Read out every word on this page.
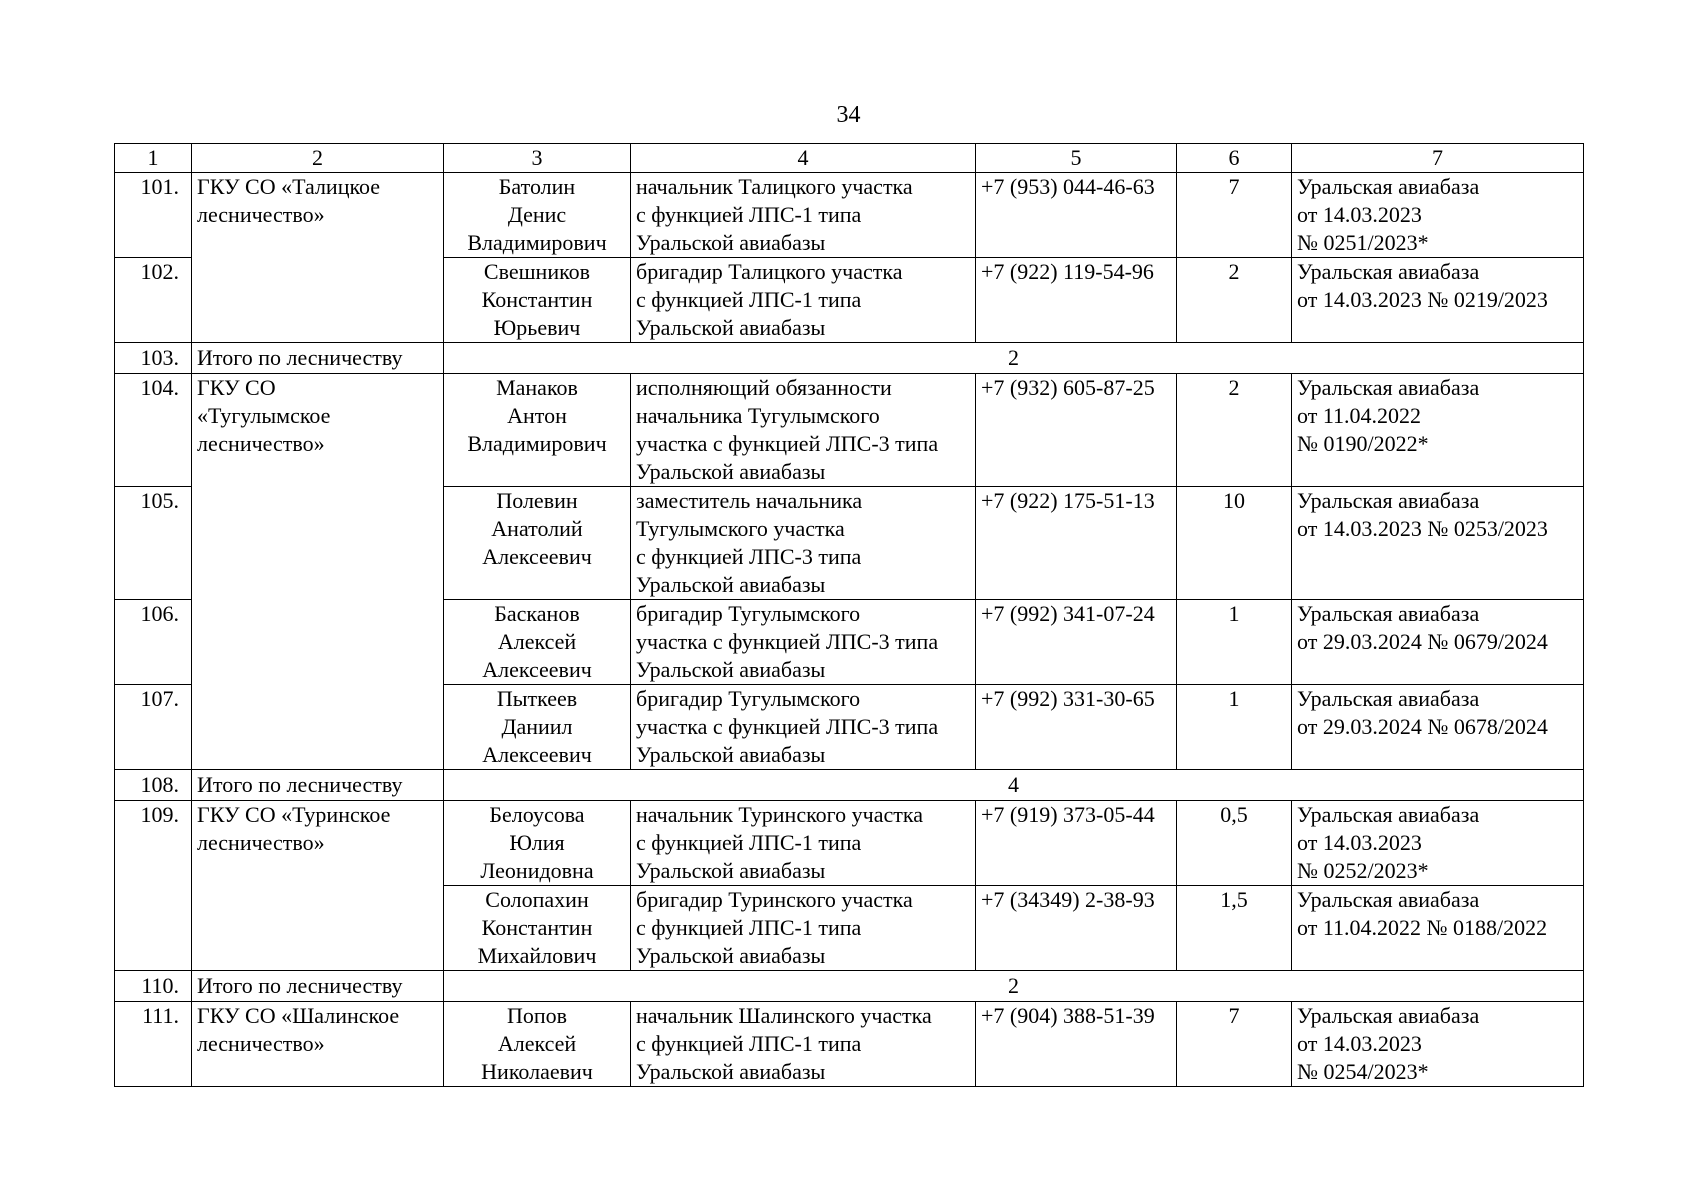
34
1	2	3	4	5	6	7
101.	ГКУ СО «Талицкое
лесничество»	Батолин
Денис
Владимирович	начальник Талицкого участка
с функцией ЛПС-1 типа
Уральской авиабазы	+7 (953) 044-46-63	7	Уральская авиабаза
от 14.03.2023
№ 0251/2023*
102.		Свешников
Константин
Юрьевич	бригадир Талицкого участка
с функцией ЛПС-1 типа
Уральской авиабазы	+7 (922) 119-54-96	2	Уральская авиабаза
от 14.03.2023 № 0219/2023
103.	Итого по лесничеству	2				
104.	ГКУ СО
«Тугулымское
лесничество»	Манаков
Антон
Владимирович	исполняющий обязанности
начальника Тугулымского
участка с функцией ЛПС-3 типа
Уральской авиабазы	+7 (932) 605-87-25	2	Уральская авиабаза
от 11.04.2022
№ 0190/2022*
105.		Полевин
Анатолий
Алексеевич	заместитель начальника
Тугулымского участка
с функцией ЛПС-3 типа
Уральской авиабазы	+7 (922) 175-51-13	10	Уральская авиабаза
от 14.03.2023 № 0253/2023
106.		Басканов
Алексей
Алексеевич	бригадир Тугулымского
участка с функцией ЛПС-3 типа
Уральской авиабазы	+7 (992) 341-07-24	1	Уральская авиабаза
от 29.03.2024 № 0679/2024
107.		Пыткеев
Даниил
Алексеевич	бригадир Тугулымского
участка с функцией ЛПС-3 типа
Уральской авиабазы	+7 (992) 331-30-65	1	Уральская авиабаза
от 29.03.2024 № 0678/2024
108.	Итого по лесничеству	4				
109.	ГКУ СО «Туринское
лесничество»	Белоусова
Юлия
Леонидовна	начальник Туринского участка
с функцией ЛПС-1 типа
Уральской авиабазы	+7 (919) 373-05-44	0,5	Уральская авиабаза
от 14.03.2023
№ 0252/2023*
		Солопахин
Константин
Михайлович	бригадир Туринского участка
с функцией ЛПС-1 типа
Уральской авиабазы	+7 (34349) 2-38-93	1,5	Уральская авиабаза
от 11.04.2022 № 0188/2022
110.	Итого по лесничеству	2				
111.	ГКУ СО «Шалинское
лесничество»	Попов
Алексей
Николаевич	начальник Шалинского участка
с функцией ЛПС-1 типа
Уральской авиабазы	+7 (904) 388-51-39	7	Уральская авиабаза
от 14.03.2023
№ 0254/2023*
